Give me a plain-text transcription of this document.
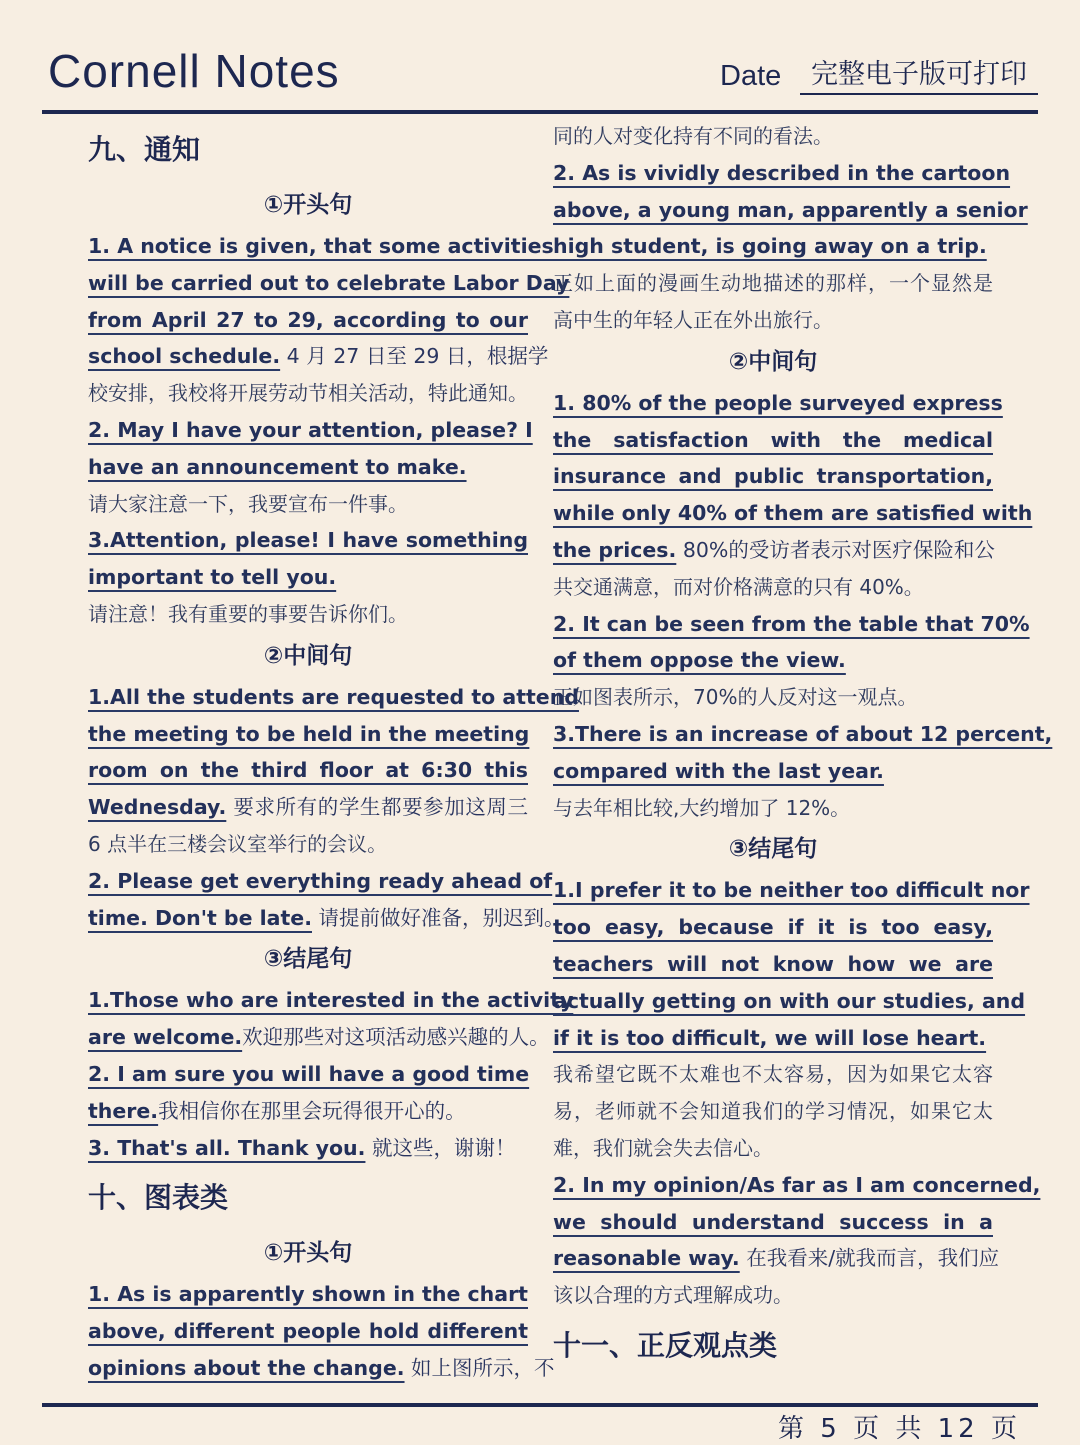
Cornell Notes	Date	完整电子版可打印
九、通知
①开头句
1. A notice is given, that some activities
will be carried out to celebrate Labor Day
from April 27 to 29, according to our
school schedule. 4 月 27 日至 29 日，根据学
校安排，我校将开展劳动节相关活动，特此通知。
2. May I have your attention, please? I
have an announcement to make.
请大家注意一下，我要宣布一件事。
3.Attention, please! I have something
important to tell you.
请注意！我有重要的事要告诉你们。
②中间句
1.All the students are requested to attend
the meeting to be held in the meeting
room on the third floor at 6:30 this
Wednesday. 要求所有的学生都要参加这周三
6 点半在三楼会议室举行的会议。
2. Please get everything ready ahead of
time. Don't be late. 请提前做好准备，别迟到。
③结尾句
1.Those who are interested in the activity
are welcome.欢迎那些对这项活动感兴趣的人。
2. I am sure you will have a good time
there.我相信你在那里会玩得很开心的。
3. That's all. Thank you. 就这些，谢谢！
十、图表类
①开头句
1. As is apparently shown in the chart
above, different people hold different
opinions about the change. 如上图所示，不
同的人对变化持有不同的看法。
2. As is vividly described in the cartoon
above, a young man, apparently a senior
high student, is going away on a trip.
正如上面的漫画生动地描述的那样，一个显然是
高中生的年轻人正在外出旅行。
②中间句
1. 80% of the people surveyed express
the satisfaction with the medical
insurance and public transportation,
while only 40% of them are satisfied with
the prices. 80%的受访者表示对医疗保险和公
共交通满意，而对价格满意的只有 40%。
2. It can be seen from the table that 70%
of them oppose the view.
正如图表所示，70%的人反对这一观点。
3.There is an increase of about 12 percent,
compared with the last year.
与去年相比较,大约增加了 12%。
③结尾句
1.I prefer it to be neither too difficult nor
too easy, because if it is too easy,
teachers will not know how we are
actually getting on with our studies, and
if it is too difficult, we will lose heart.
我希望它既不太难也不太容易，因为如果它太容
易，老师就不会知道我们的学习情况，如果它太
难，我们就会失去信心。
2. In my opinion/As far as I am concerned,
we should understand success in a
reasonable way. 在我看来/就我而言，我们应
该以合理的方式理解成功。
十一、正反观点类
第 5 页 共 12 页
